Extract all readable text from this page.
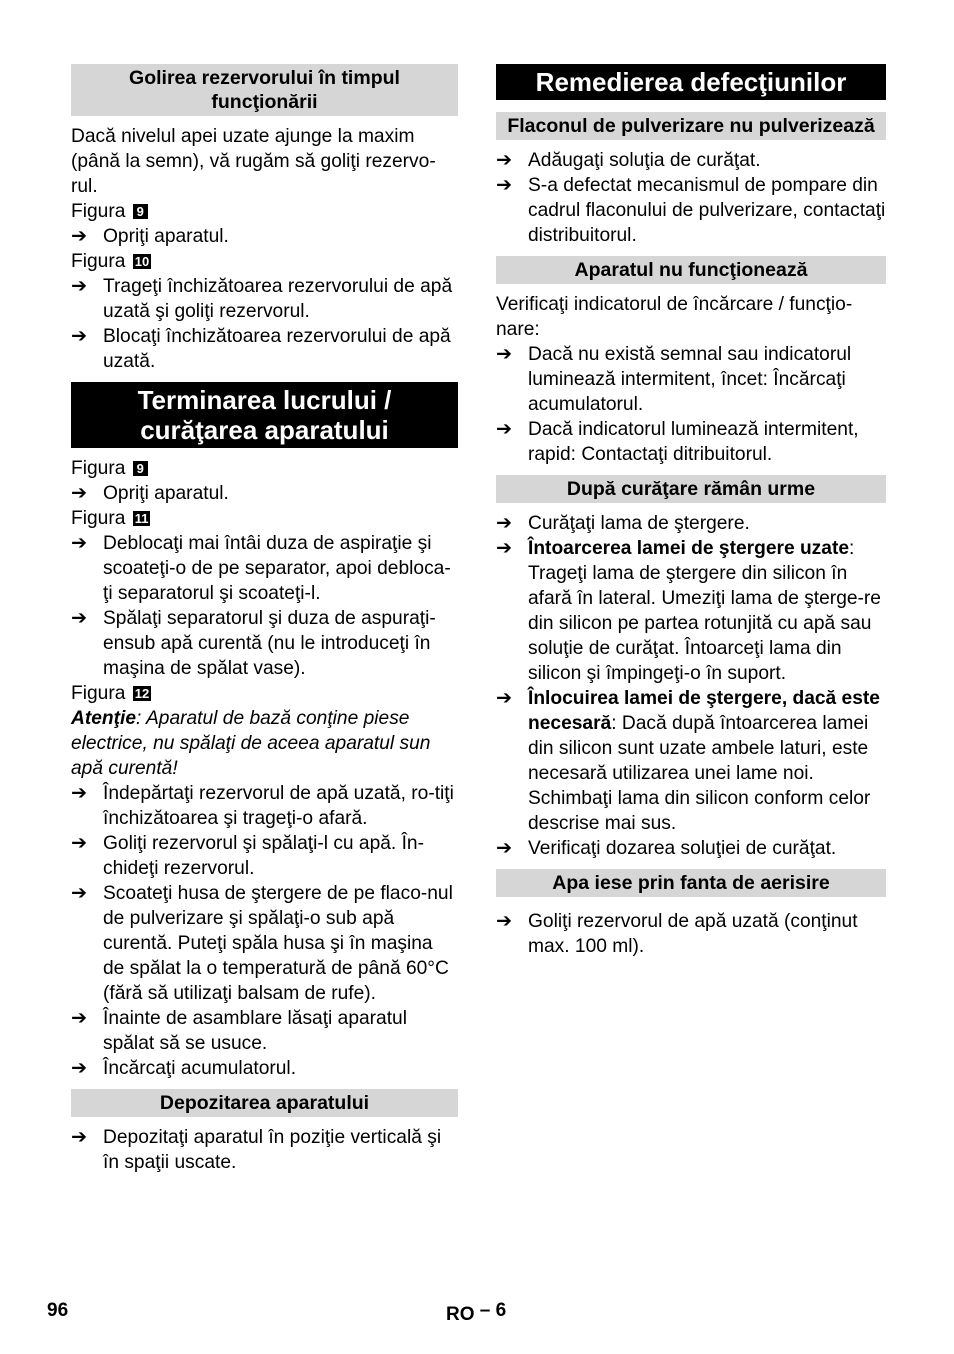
Golirea rezervorului în timpul funcţionării

Dacă nivelul apei uzate ajunge la maxim (până la semn), vă rugăm să goliţi rezervo-rul.

Figura 9

➔ Opriţi aparatul.

Figura 10

➔ Trageţi închizătoarea rezervorului de apă uzată şi goliţi rezervorul.
➔ Blocaţi închizătoarea rezervorului de apă uzată.
Terminarea lucrului / curăţarea aparatului

Figura 9

➔ Opriţi aparatul.

Figura 11

➔ Deblocaţi mai întâi duza de aspiraţie şi scoateţi-o de pe separator, apoi debloca-ţi separatorul şi scoateţi-l.
➔ Spălaţi separatorul şi duza de aspuraţi-ensub apă curentă (nu le introduceţi în maşina de spălat vase).

Figura 12

Atenţie: Aparatul de bază conţine piese electrice, nu spălaţi de aceea aparatul sun apă curentă!

➔ Îndepărtaţi rezervorul de apă uzată, ro-tiţi închizătoarea şi trageţi-o afară.
➔ Goliţi rezervorul şi spălaţi-l cu apă. În-chideţi rezervorul.
➔ Scoateţi husa de ştergere de pe flaco-nul de pulverizare şi spălaţi-o sub apă curentă. Puteţi spăla husa şi în maşina de spălat la o temperatură de până 60°C (fără să utilizaţi balsam de rufe).
➔ Înainte de asamblare lăsaţi aparatul spălat să se usuce.
➔ Încărcaţi acumulatorul.
Depozitarea aparatului
➔ Depozitaţi aparatul în poziţie verticală şi în spaţii uscate.
Remedierea defecţiunilor
Flaconul de pulverizare nu pulverizează
➔ Adăugaţi soluţia de curăţat.
➔ S-a defectat mecanismul de pompare din cadrul flaconului de pulverizare, contactaţi distribuitorul.
Aparatul nu funcţionează

Verificaţi indicatorul de încărcare / funcţio-nare:

➔ Dacă nu există semnal sau indicatorul luminează intermitent, încet: Încărcaţi acumulatorul.
➔ Dacă indicatorul luminează intermitent, rapid: Contactaţi ditribuitorul.
După curăţare rămân urme
➔ Curăţaţi lama de ştergere.
➔ Întoarcerea lamei de ştergere uzate: Trageţi lama de ştergere din silicon în afară în lateral. Umeziţi lama de şterge-re din silicon pe partea rotunjită cu apă sau soluţie de curăţat. Întoarceţi lama din silicon şi împingeţi-o în suport.
➔ Înlocuirea lamei de ştergere, dacă este necesară: Dacă după întoarcerea lamei din silicon sunt uzate ambele laturi, este necesară utilizarea unei lame noi. Schimbaţi lama din silicon conform celor descrise mai sus.
➔ Verificaţi dozarea soluţiei de curăţat.
Apa iese prin fanta de aerisire
➔ Goliţi rezervorul de apă uzată (conţinut max. 100 ml).
96	RO $^{- 6}$
